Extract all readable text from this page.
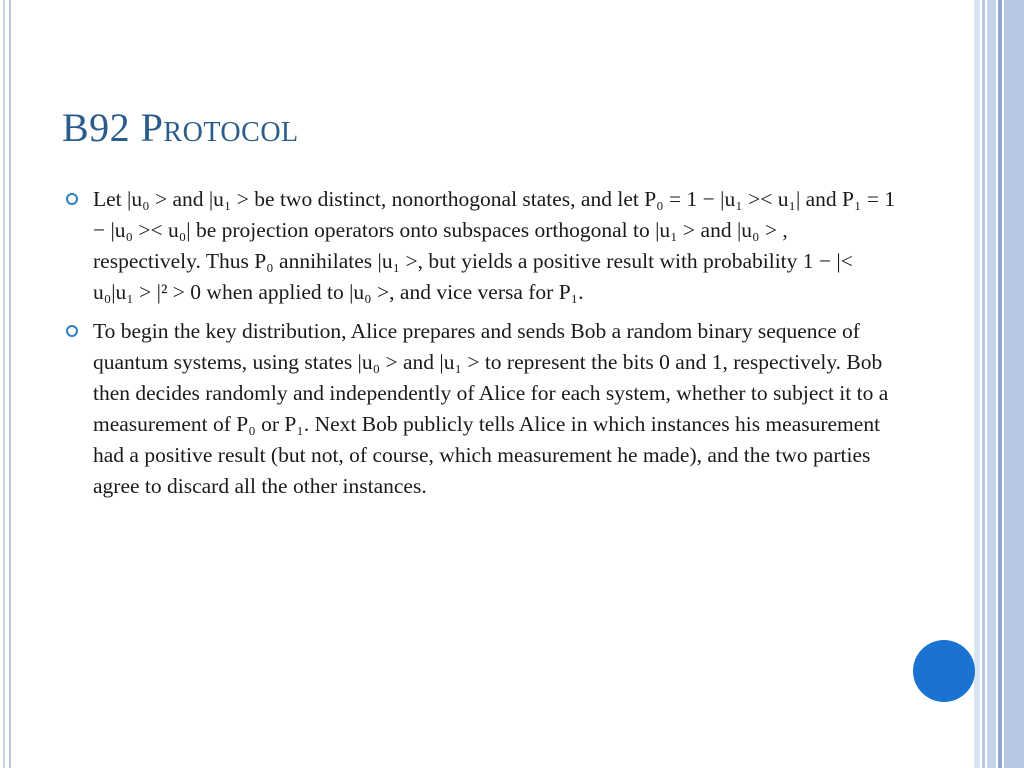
B92 Protocol
Let |u₀ > and |u₁ > be two distinct, nonorthogonal states, and let P₀ = 1 − |u₁ >< u₁| and P₁ = 1 − |u₀ >< u₀| be projection operators onto subspaces orthogonal to |u₁ > and |u₀ > , respectively. Thus P₀ annihilates |u₁ >, but yields a positive result with probability 1 − |< u₀|u₁ > |² > 0 when applied to |u₀ >, and vice versa for P₁.
To begin the key distribution, Alice prepares and sends Bob a random binary sequence of quantum systems, using states |u₀ > and |u₁ > to represent the bits 0 and 1, respectively. Bob then decides randomly and independently of Alice for each system, whether to subject it to a measurement of P₀ or P₁. Next Bob publicly tells Alice in which instances his measurement had a positive result (but not, of course, which measurement he made), and the two parties agree to discard all the other instances.
